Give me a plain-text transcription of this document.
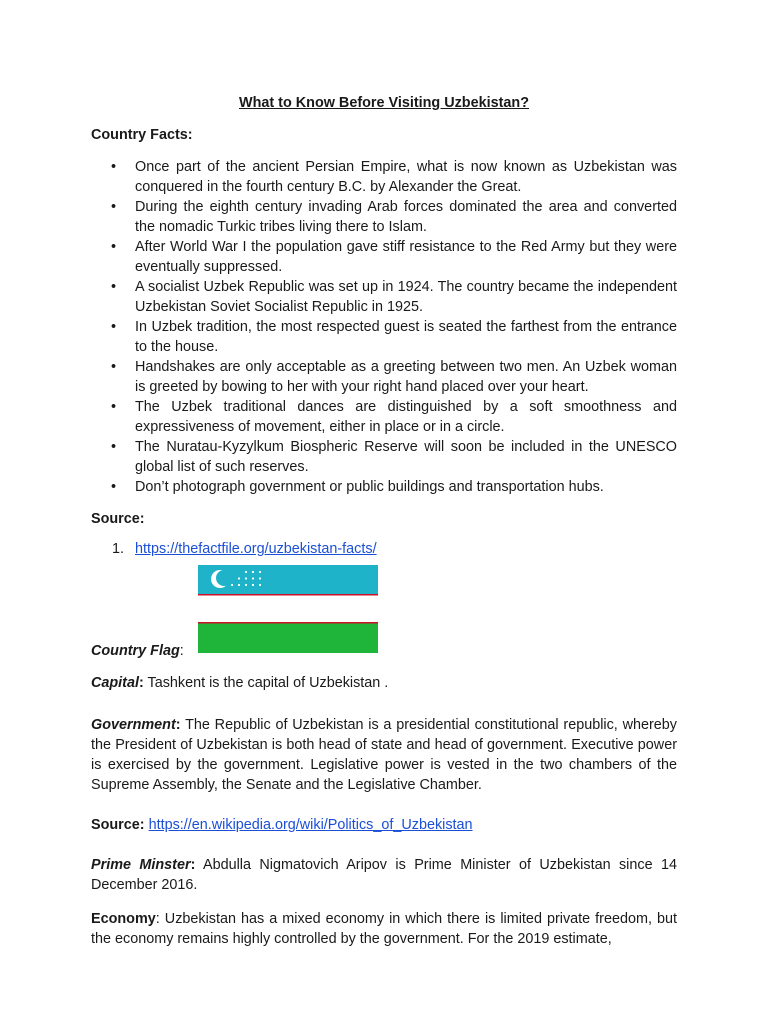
What to Know Before Visiting Uzbekistan?
Country Facts:
• Once part of the ancient Persian Empire, what is now known as Uzbekistan was conquered in the fourth century B.C. by Alexander the Great.
• During the eighth century invading Arab forces dominated the area and converted the nomadic Turkic tribes living there to Islam.
• After World War I the population gave stiff resistance to the Red Army but they were eventually suppressed.
• A socialist Uzbek Republic was set up in 1924. The country became the independent Uzbekistan Soviet Socialist Republic in 1925.
• In Uzbek tradition, the most respected guest is seated the farthest from the entrance to the house.
• Handshakes are only acceptable as a greeting between two men. An Uzbek woman is greeted by bowing to her with your right hand placed over your heart.
• The Uzbek traditional dances are distinguished by a soft smoothness and expressiveness of movement, either in place or in a circle.
• The Nuratau-Kyzylkum Biospheric Reserve will soon be included in the UNESCO global list of such reserves.
• Don’t photograph government or public buildings and transportation hubs.
Source:
1. https://thefactfile.org/uzbekistan-facts/
Country Flag:
Capital: Tashkent is the capital of Uzbekistan .
Government: The Republic of Uzbekistan is a presidential constitutional republic, whereby the President of Uzbekistan is both head of state and head of government. Executive power is exercised by the government. Legislative power is vested in the two chambers of the Supreme Assembly, the Senate and the Legislative Chamber.
Source: https://en.wikipedia.org/wiki/Politics_of_Uzbekistan
Prime Minster: Abdulla Nigmatovich Aripov is Prime Minister of Uzbekistan since 14 December 2016.
Economy: Uzbekistan has a mixed economy in which there is limited private freedom, but the economy remains highly controlled by the government. For the 2019 estimate,
